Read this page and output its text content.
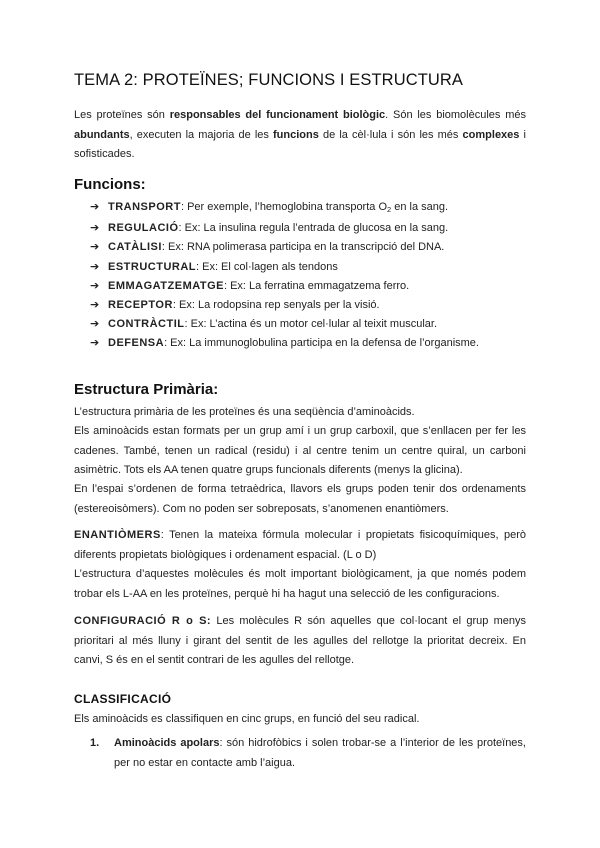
TEMA 2: PROTEÏNES; FUNCIONS I ESTRUCTURA
Les proteïnes són responsables del funcionament biològic. Són les biomolècules més abundants, executen la majoria de les funcions de la cèl·lula i són les més complexes i sofisticades.
Funcions:
➔ TRANSPORT: Per exemple, l’hemoglobina transporta $O_2$ en la sang.
➔ REGULACIÓ: Ex: La insulina regula l’entrada de glucosa en la sang.
➔ CATÀLISI: Ex: RNA polimerasa participa en la transcripció del DNA.
➔ ESTRUCTURAL: Ex: El col·lagen als tendons
➔ EMMAGATZEMATGE: Ex: La ferratina emmagatzema ferro.
➔ RECEPTOR: Ex: La rodopsina rep senyals per la visió.
➔ CONTRÀCTIL: Ex: L’actina és un motor cel·lular al teixit muscular.
➔ DEFENSA: Ex: La immunoglobulina participa en la defensa de l’organisme.
Estructura Primària:
L’estructura primària de les proteïnes és una seqüència d’aminoàcids.
Els aminoàcids estan formats per un grup amí i un grup carboxil, que s’enllacen per fer les cadenes. També, tenen un radical (residu) i al centre tenim un centre quiral, un carboni asimètric. Tots els AA tenen quatre grups funcionals diferents (menys la glicina).
En l’espai s’ordenen de forma tetraèdrica, llavors els grups poden tenir dos ordenaments (estereoisòmers). Com no poden ser sobreposats, s’anomenen enantiòmers.
ENANTIÒMERS: Tenen la mateixa fórmula molecular i propietats fisicoquímiques, però diferents propietats biològiques i ordenament espacial. (L o D)
L’estructura d’aquestes molècules és molt important biològicament, ja que només podem trobar els L-AA en les proteïnes, perquè hi ha hagut una selecció de les configuracions.
CONFIGURACIÓ R o S: Les molècules R són aquelles que col·locant el grup menys prioritari al més lluny i girant del sentit de les agulles del rellotge la prioritat decreix. En canvi, S és en el sentit contrari de les agulles del rellotge.
CLASSIFICACIÓ
Els aminoàcids es classifiquen en cinc grups, en funció del seu radical.
1. Aminoàcids apolars: són hidrofòbics i solen trobar-se a l’interior de les proteïnes, per no estar en contacte amb l’aigua.
